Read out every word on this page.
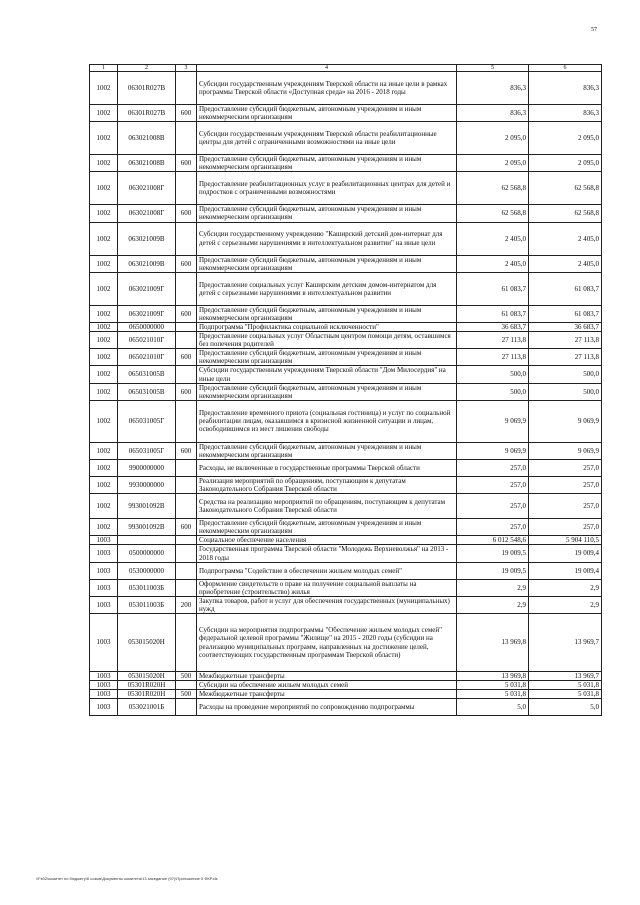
57
1	2	3	4	5	6
1002	06301R027В		Субсидии государственным учреждениям Тверской области на иные цели в рамках программы Тверской области «Доступная среда» на 2016 - 2018 годы	836,3	836,3
1002	06301R027В	600	Предоставление субсидий бюджетным, автономным учреждениям и иным некоммерческим организациям	836,3	836,3
1002	063021008В		Субсидии государственным учреждениям Тверской области реабилитационные центры для детей с ограниченными возможностями на иные цели	2 095,0	2 095,0
1002	063021008В	600	Предоставление субсидий бюджетным, автономным учреждениям и иным некоммерческим организациям	2 095,0	2 095,0
1002	063021008Г		Предоставление реабилитационных услуг в реабилитационных центрах для детей и подростков с ограниченными возможностями	62 568,8	62 568,8
1002	063021008Г	600	Предоставление субсидий бюджетным, автономным учреждениям и иным некоммерческим организациям	62 568,8	62 568,8
1002	063021009В		Субсидии государственному учреждению "Каширский детский дом-интернат для детей с серьезными нарушениями в интеллектуальном развитии" на иные цели	2 405,0	2 405,0
1002	063021009В	600	Предоставление субсидий бюджетным, автономным учреждениям и иным некоммерческим организациям	2 405,0	2 405,0
1002	063021009Г		Предоставление социальных услуг Каширским детским домом-интернатом для детей с серьезными нарушениями в интеллектуальном развитии	61 083,7	61 083,7
1002	063021009Г	600	Предоставление субсидий бюджетным, автономным учреждениям и иным некоммерческим организациям	61 083,7	61 083,7
1002	0650000000		Подпрограмма "Профилактика социальной исключенности"	36 683,7	36 683,7
1002	065021010Г		Предоставление социальных услуг Областным центром помощи детям, оставшимся без попечения родителей	27 113,8	27 113,8
1002	065021010Г	600	Предоставление субсидий бюджетным, автономным учреждениям и иным некоммерческим организациям	27 113,8	27 113,8
1002	065031005В		Субсидии государственным учреждениям Тверской области "Дом Милосердия" на иные цели	500,0	500,0
1002	065031005В	600	Предоставление субсидий бюджетным, автономным учреждениям и иным некоммерческим организациям	500,0	500,0
1002	065031005Г		Предоставление временного приюта (социальная гостиница) и услуг по социальной реабилитации лицам, оказавшимся в кризисной жизненной ситуации и лицам, освободившимся из мест лишения свободы	9 069,9	9 069,9
1002	065031005Г	600	Предоставление субсидий бюджетным, автономным учреждениям и иным некоммерческим организациям	9 069,9	9 069,9
1002	9900000000		Расходы, не включенные в государственные программы Тверской области	257,0	257,0
1002	9930000000		Реализация мероприятий по обращениям, поступающим к депутатам Законодательного Собрания Тверской области	257,0	257,0
1002	993001092В		Средства на реализацию мероприятий по обращениям, поступающим к депутатам Законодательного Собрания Тверской области	257,0	257,0
1002	993001092В	600	Предоставление субсидий бюджетным, автономным учреждениям и иным некоммерческим организациям	257,0	257,0
1003			Социальное обеспечение населения	6 012 548,6	5 904 110,5
1003	0500000000		Государственная программа Тверской области "Молодежь Верхневолжья" на 2013 - 2018 годы	19 009,5	19 009,4
1003	0530000000		Подпрограмма "Содействие в обеспечении жильем молодых семей"	19 009,5	19 009,4
1003	053011003Б		Оформление свидетельств о праве на получение социальной выплаты на приобретение (строительство) жилья	2,9	2,9
1003	053011003Б	200	Закупка товаров, работ и услуг для обеспечения государственных (муниципальных) нужд	2,9	2,9
1003	053015020Н		Субсидии на мероприятия подпрограммы "Обеспечение жильем молодых семей" федеральной целевой программы "Жилище" на 2015 - 2020 годы (субсидии на реализацию муниципальных программ, направленных на достижение целей, соответствующих государственным программам Тверской области)	13 969,8	13 969,7
1003	053015020Н	500	Межбюджетные трансферты	13 969,8	13 969,7
1003	05301R020Н		Субсидии на обеспечение жильем молодых семей	5 031,8	5 031,8
1003	05301R020Н	500	Межбюджетные трансферты	5 031,8	5 031,8
1003	053021001Б		Расходы на проведение мероприятий по сопровождению подпрограммы	5,0	5,0
\\Fs02\комитет по бюджету\6 созыв\Документы комитета\13 заседание (97)\Приложение 5 ФКР.xls
